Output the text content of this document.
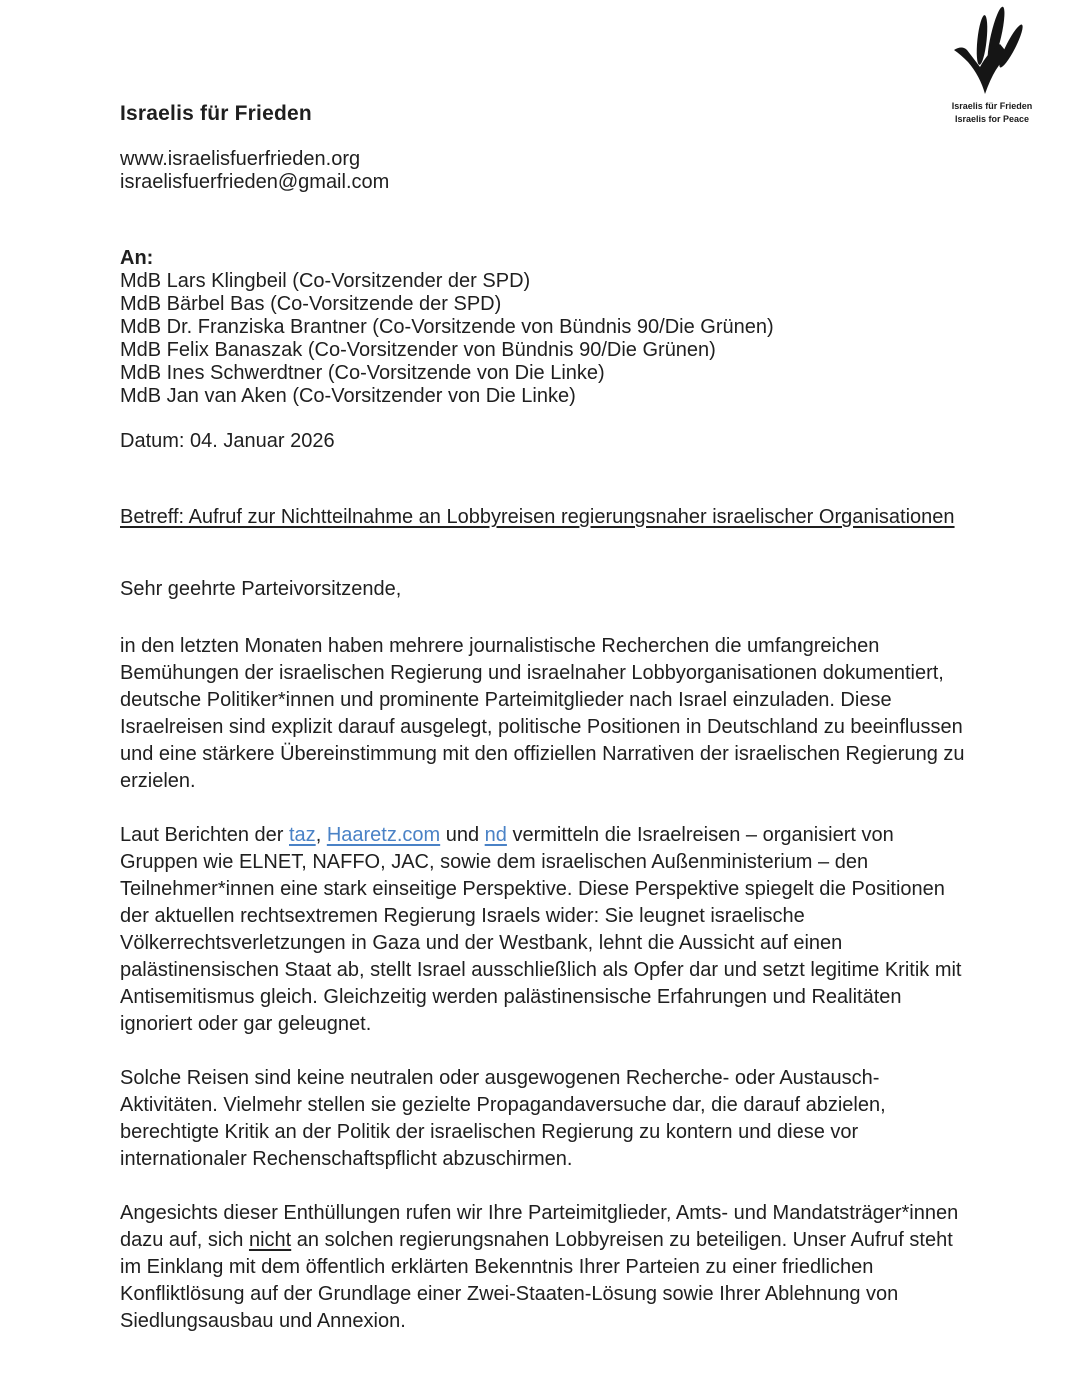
Israelis für Frieden
www.israelisfuerfrieden.org
israelisfuerfrieden@gmail.com
Israelis für Frieden
Israelis for Peace
An:
MdB Lars Klingbeil (Co-Vorsitzender der SPD)
MdB Bärbel Bas (Co-Vorsitzende der SPD)
MdB Dr. Franziska Brantner (Co-Vorsitzende von Bündnis 90/Die Grünen)
MdB Felix Banaszak (Co-Vorsitzender von Bündnis 90/Die Grünen)
MdB Ines Schwerdtner (Co-Vorsitzende von Die Linke)
MdB Jan van Aken (Co-Vorsitzender von Die Linke)
Datum: 04. Januar 2026
Betreff: Aufruf zur Nichtteilnahme an Lobbyreisen regierungsnaher israelischer Organisationen
Sehr geehrte Parteivorsitzende,
in den letzten Monaten haben mehrere journalistische Recherchen die umfangreichen Bemühungen der israelischen Regierung und israelnaher Lobbyorganisationen dokumentiert, deutsche Politiker*innen und prominente Parteimitglieder nach Israel einzuladen. Diese Israelreisen sind explizit darauf ausgelegt, politische Positionen in Deutschland zu beeinflussen und eine stärkere Übereinstimmung mit den offiziellen Narrativen der israelischen Regierung zu erzielen.
Laut Berichten der taz, Haaretz.com und nd vermitteln die Israelreisen – organisiert von Gruppen wie ELNET, NAFFO, JAC, sowie dem israelischen Außenministerium – den Teilnehmer*innen eine stark einseitige Perspektive. Diese Perspektive spiegelt die Positionen der aktuellen rechtsextremen Regierung Israels wider: Sie leugnet israelische Völkerrechtsverletzungen in Gaza und der Westbank, lehnt die Aussicht auf einen palästinensischen Staat ab, stellt Israel ausschließlich als Opfer dar und setzt legitime Kritik mit Antisemitismus gleich. Gleichzeitig werden palästinensische Erfahrungen und Realitäten ignoriert oder gar geleugnet.
Solche Reisen sind keine neutralen oder ausgewogenen Recherche- oder Austausch-Aktivitäten. Vielmehr stellen sie gezielte Propagandaversuche dar, die darauf abzielen, berechtigte Kritik an der Politik der israelischen Regierung zu kontern und diese vor internationaler Rechenschaftspflicht abzuschirmen.
Angesichts dieser Enthüllungen rufen wir Ihre Parteimitglieder, Amts- und Mandatsträger*innen dazu auf, sich nicht an solchen regierungsnahen Lobbyreisen zu beteiligen. Unser Aufruf steht im Einklang mit dem öffentlich erklärten Bekenntnis Ihrer Parteien zu einer friedlichen Konfliktlösung auf der Grundlage einer Zwei-Staaten-Lösung sowie Ihrer Ablehnung von Siedlungsausbau und Annexion.
